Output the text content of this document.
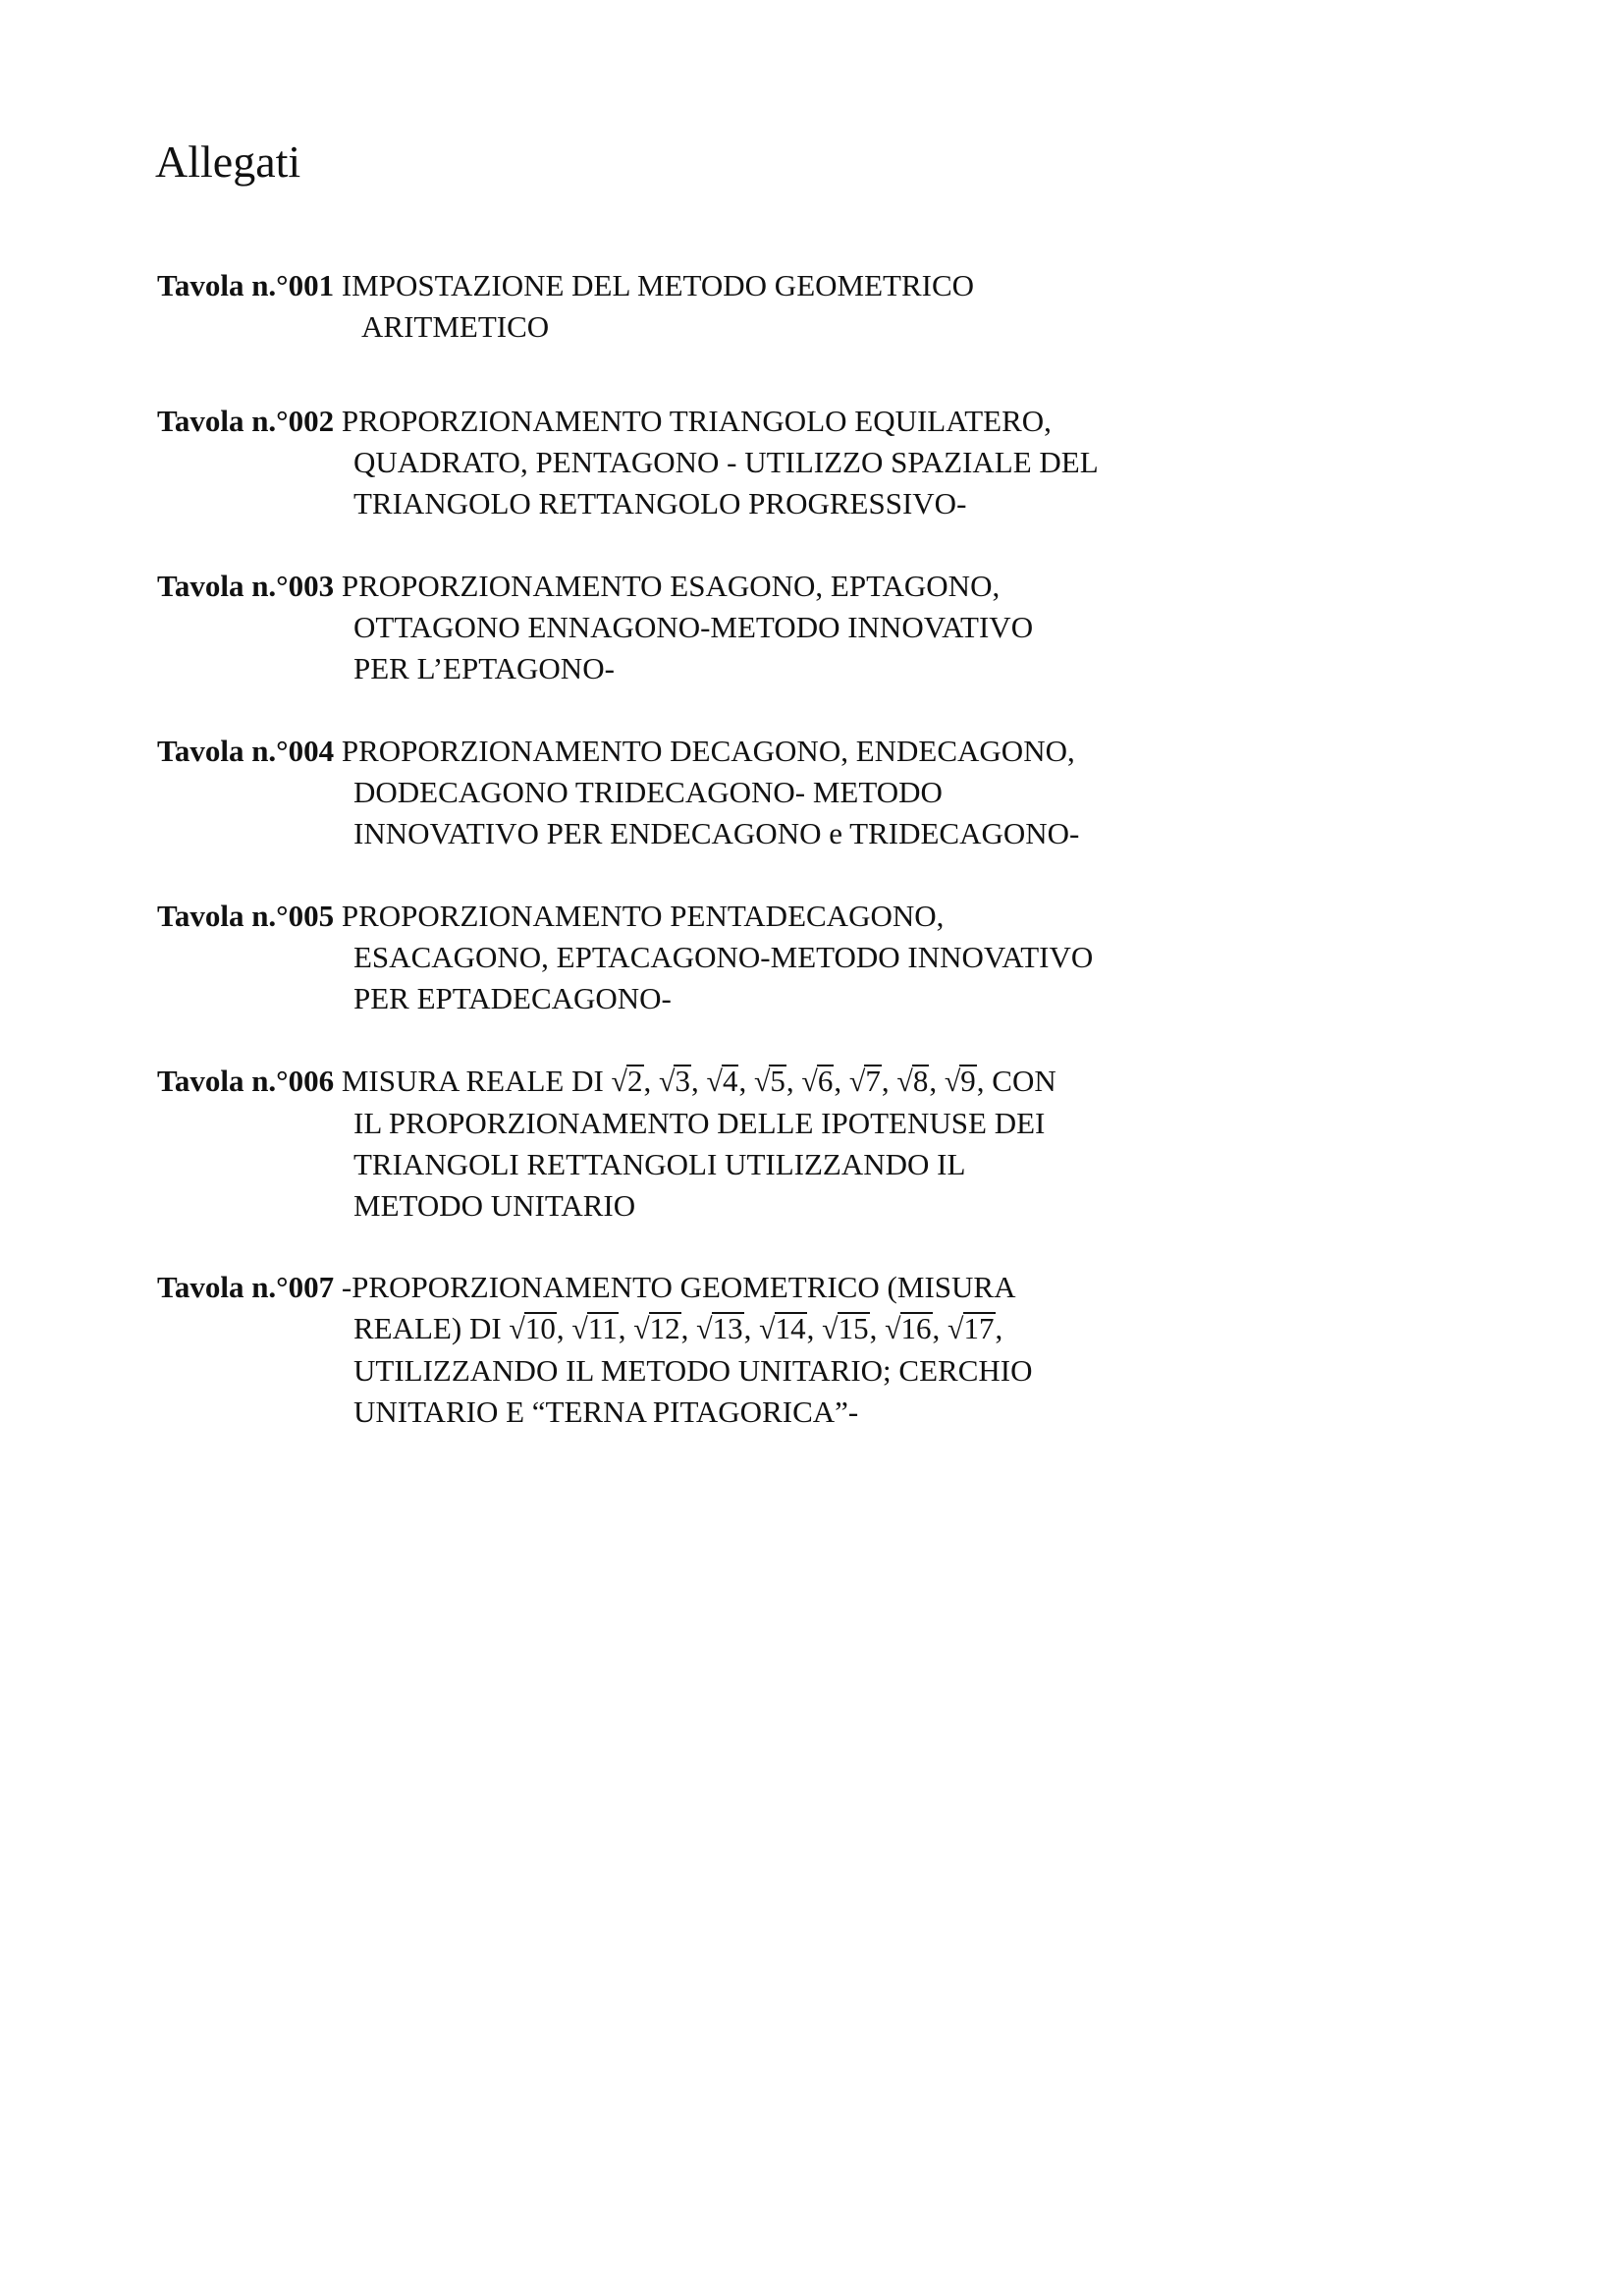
Allegati
Tavola n.°001 IMPOSTAZIONE DEL METODO GEOMETRICO
ARITMETICO
Tavola n.°002 PROPORZIONAMENTO TRIANGOLO EQUILATERO,
QUADRATO, PENTAGONO - UTILIZZO SPAZIALE DEL
TRIANGOLO RETTANGOLO PROGRESSIVO-
Tavola n.°003 PROPORZIONAMENTO ESAGONO, EPTAGONO,
OTTAGONO ENNAGONO-METODO INNOVATIVO
PER L’EPTAGONO-
Tavola n.°004 PROPORZIONAMENTO DECAGONO, ENDECAGONO,
DODECAGONO TRIDECAGONO- METODO
INNOVATIVO PER ENDECAGONO e TRIDECAGONO-
Tavola n.°005 PROPORZIONAMENTO PENTADECAGONO,
ESACAGONO, EPTACAGONO-METODO INNOVATIVO
PER EPTADECAGONO-
Tavola n.°006 MISURA REALE DI √2, √3, √4, √5, √6, √7, √8, √9, CON
IL PROPORZIONAMENTO DELLE IPOTENUSE DEI
TRIANGOLI RETTANGOLI UTILIZZANDO IL
METODO UNITARIO
Tavola n.°007 -PROPORZIONAMENTO GEOMETRICO (MISURA
REALE) DI √10, √11, √12, √13, √14, √15, √16, √17,
UTILIZZANDO IL METODO UNITARIO; CERCHIO
UNITARIO E “TERNA PITAGORICA”-
